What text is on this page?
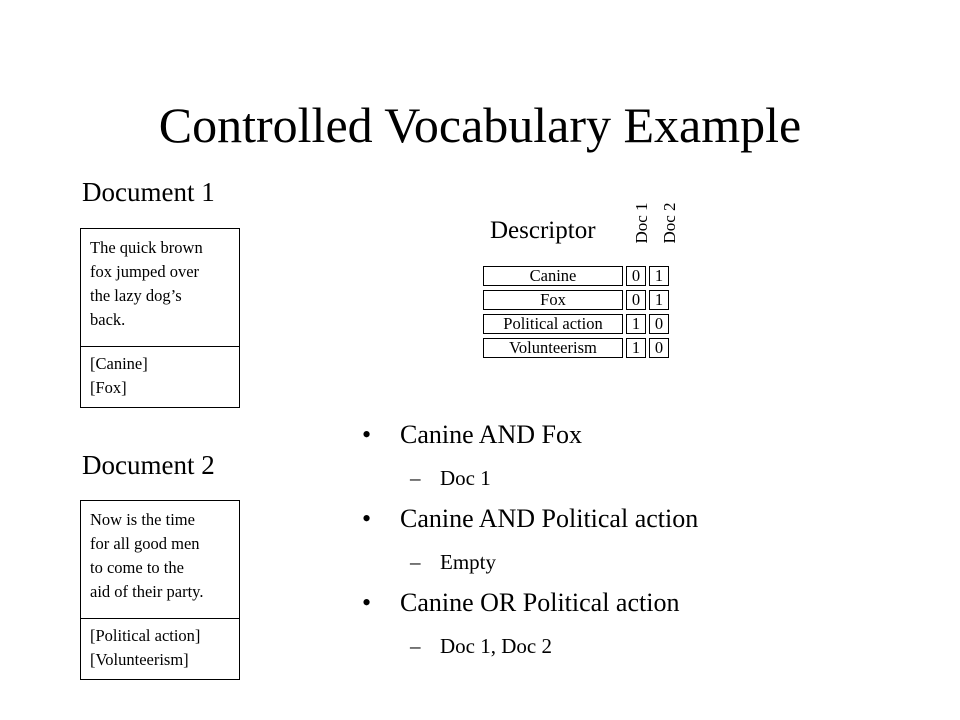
Controlled Vocabulary Example
Document 1
The quick brown
fox jumped over
the lazy dog’s
back.
[Canine]
[Fox]
Document 2
Now is the time
for all good men
to come to the
aid of their party.
[Political action]
[Volunteerism]
Descriptor Doc 1 Doc 2
Canine	0 1
Fox	0 1
Political action	1 0
Volunteerism	1 0
• Canine AND Fox
– Doc 1
• Canine AND Political action
– Empty
• Canine OR Political action
– Doc 1, Doc 2
